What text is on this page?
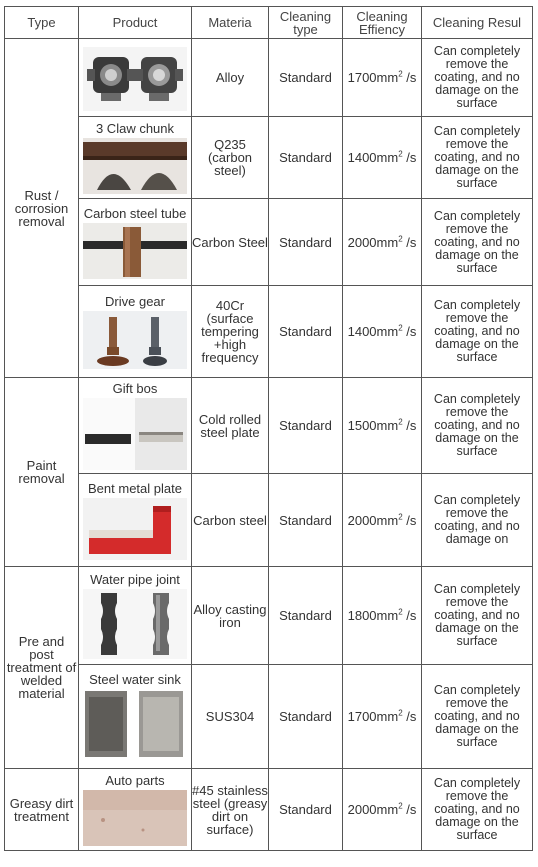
Type	Product	Materia	Cleaning type	Cleaning Effiency	Cleaning Resul
Rust / corrosion removal		Alloy	Standard	$1700mm^2$ /s	Can completely remove the coating, and no damage on the surface

	3 Claw chunk	Q235 (carbon steel)	Standard	$1400mm^2$ /s	Can completely remove the coating, and no damage on the surface

	Carbon steel tube	Carbon Steel	Standard	$2000mm^2$ /s	Can completely remove the coating, and no damage on the surface

	Drive gear	40Cr (surface tempering +high frequency	Standard	$1400mm^2$ /s	Can completely remove the coating, and no damage on the surface
Paint removal	Gift bos	Cold rolled steel plate	Standard	$1500mm^2$ /s	Can completely remove the coating, and no damage on the surface

	Bent metal plate	Carbon steel	Standard	$2000mm^2$ /s	Can completely remove the coating, and no damage on
Pre and post treatment of welded material	Water pipe joint	Alloy casting iron	Standard	$1800mm^2$ /s	Can completely remove the coating, and no damage on the surface

	Steel water sink	SUS304	Standard	$1700mm^2$ /s	Can completely remove the coating, and no damage on the surface
Greasy dirt treatment	Auto parts	#45 stainless steel (greasy dirt on surface)	Standard	$2000mm^2$ /s	Can completely remove the coating, and no damage on the surface
